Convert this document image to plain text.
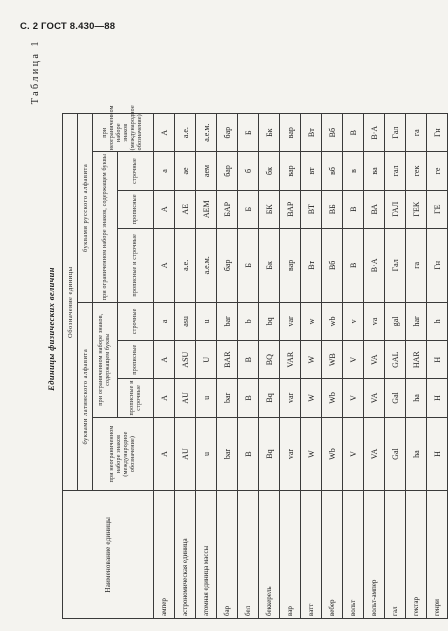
С. 2 ГОСТ 8.430—88
Таблица 1
Единицы физических величин
Наименование единицы	Обозначение единицы							
	буквами латинского алфавита				буквами русского алфавита			
	при неограниченном наборе знаков (международное обозначение)	при ограниченном наборе знаков, содержащем буквы			при ограниченном наборе знаков, содержащем буквы			при неограниченном наборе знаков (международное обозначение)
		прописные и строчные	прописные	строчные	прописные и строчные	прописные	строчные	
ампер	A	A	A	a	A	A	a	A
астрономическая единица	AU	AU	ASU	asu	а.е.	АЕ	ае	а.е.
атомная единица массы	u	u	U	u	а.е.м.	АЕМ	аем	а.е.м.
бар	bar	bar	BAR	bar	бар	БАР	бар	бар
бел	B	B	B	b	Б	Б	б	Б
беккерель	Bq	Bq	BQ	bq	Бк	БК	бк	Бк
вар	var	var	VAR	var	вар	ВАР	вар	вар
ватт	W	W	W	w	Вт	ВТ	вт	Вт
вебер	Wb	Wb	WB	wb	Вб	ВБ	вб	Вб
вольт	V	V	V	v	В	В	в	В
вольт-ампер	VA	VA	VA	va	В·А	ВА	ва	В·А
гал	Gal	Gal	GAL	gal	Гал	ГАЛ	гал	Гал
гектар	ha	ha	HAR	har	га	ГЕК	гек	га
генри	H	H	H	h	Гн	ГЕ	ге	Гн
